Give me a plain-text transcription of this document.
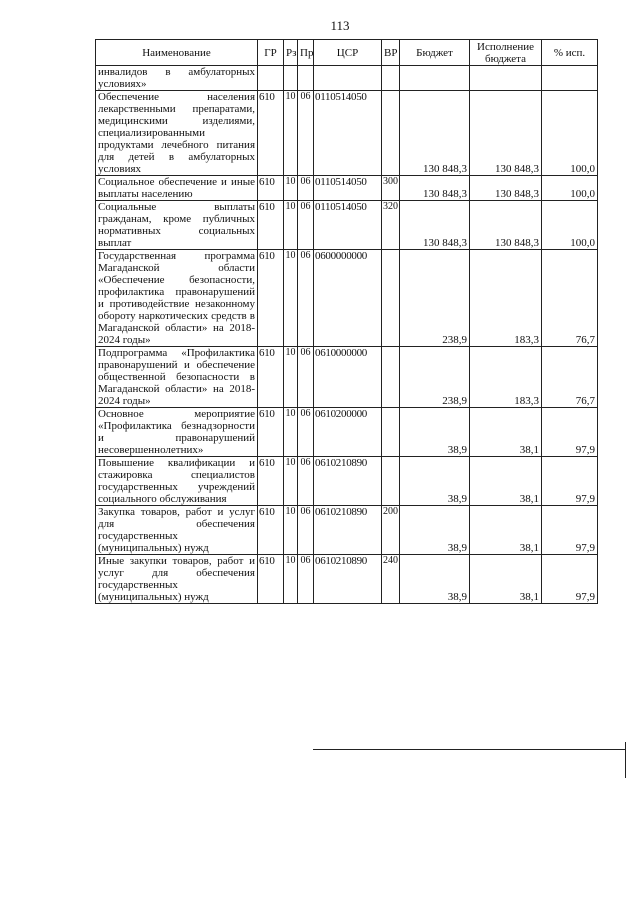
113
Наименование	ГР	Рз	Пр	ЦСР	ВР	Бюджет	Исполнение бюджета	% исп.
инвалидов в амбулаторных условиях»								
Обеспечение населения лекарственными препаратами, медицинскими изделиями, специализированными продуктами лечебного питания для детей в амбулаторных условиях	610	10	06	0110514050		130 848,3	130 848,3	100,0
Социальное обеспечение и иные выплаты населению	610	10	06	0110514050	300	130 848,3	130 848,3	100,0
Социальные выплаты гражданам, кроме публичных нормативных социальных выплат	610	10	06	0110514050	320	130 848,3	130 848,3	100,0
Государственная программа Магаданской области «Обеспечение безопасности, профилактика правонарушений и противодействие незаконному обороту наркотических средств в Магаданской области» на 2018-2024 годы»	610	10	06	0600000000		238,9	183,3	76,7
Подпрограмма «Профилактика правонарушений и обеспечение общественной безопасности в Магаданской области» на 2018-2024 годы»	610	10	06	0610000000		238,9	183,3	76,7
Основное мероприятие «Профилактика безнадзорности и правонарушений несовершеннолетних»	610	10	06	0610200000		38,9	38,1	97,9
Повышение квалификации и стажировка специалистов государственных учреждений социального обслуживания	610	10	06	0610210890		38,9	38,1	97,9
Закупка товаров, работ и услуг для обеспечения государственных (муниципальных) нужд	610	10	06	0610210890	200	38,9	38,1	97,9
Иные закупки товаров, работ и услуг для обеспечения государственных (муниципальных) нужд	610	10	06	0610210890	240	38,9	38,1	97,9
